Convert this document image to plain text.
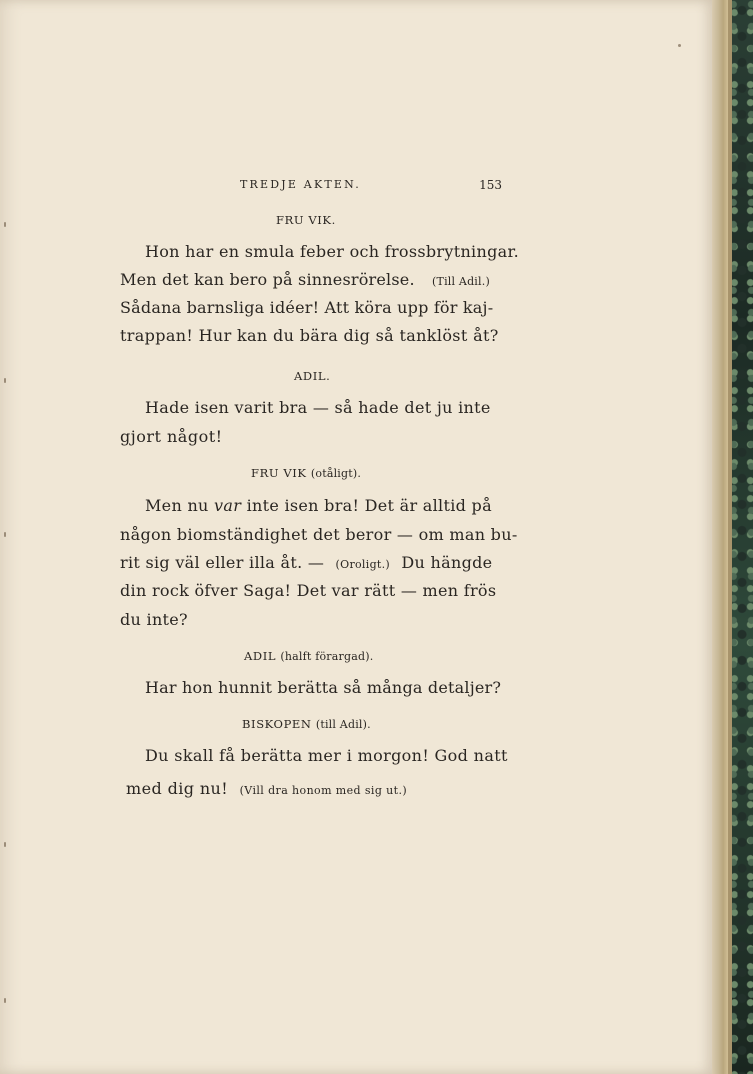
TREDJE AKTEN.	153
FRU VIK.
Hon har en smula feber och frossbrytningar.
Men det kan bero på sinnesrörelse. (Till Adil.)
Sådana barnsliga idéer! Att köra upp för kaj-
trappan! Hur kan du bära dig så tanklöst åt?
ADIL.
Hade isen varit bra — så hade det ju inte
gjort något!
FRU VIK (otåligt).
Men nu var inte isen bra! Det är alltid på
någon biomständighet det beror — om man bu-
rit sig väl eller illa åt. — (Oroligt.) Du hängde
din rock öfver Saga! Det var rätt — men frös
du inte?
ADIL (halft förargad).
Har hon hunnit berätta så många detaljer?
BISKOPEN (till Adil).
Du skall få berätta mer i morgon! God natt
med dig nu! (Vill dra honom med sig ut.)
